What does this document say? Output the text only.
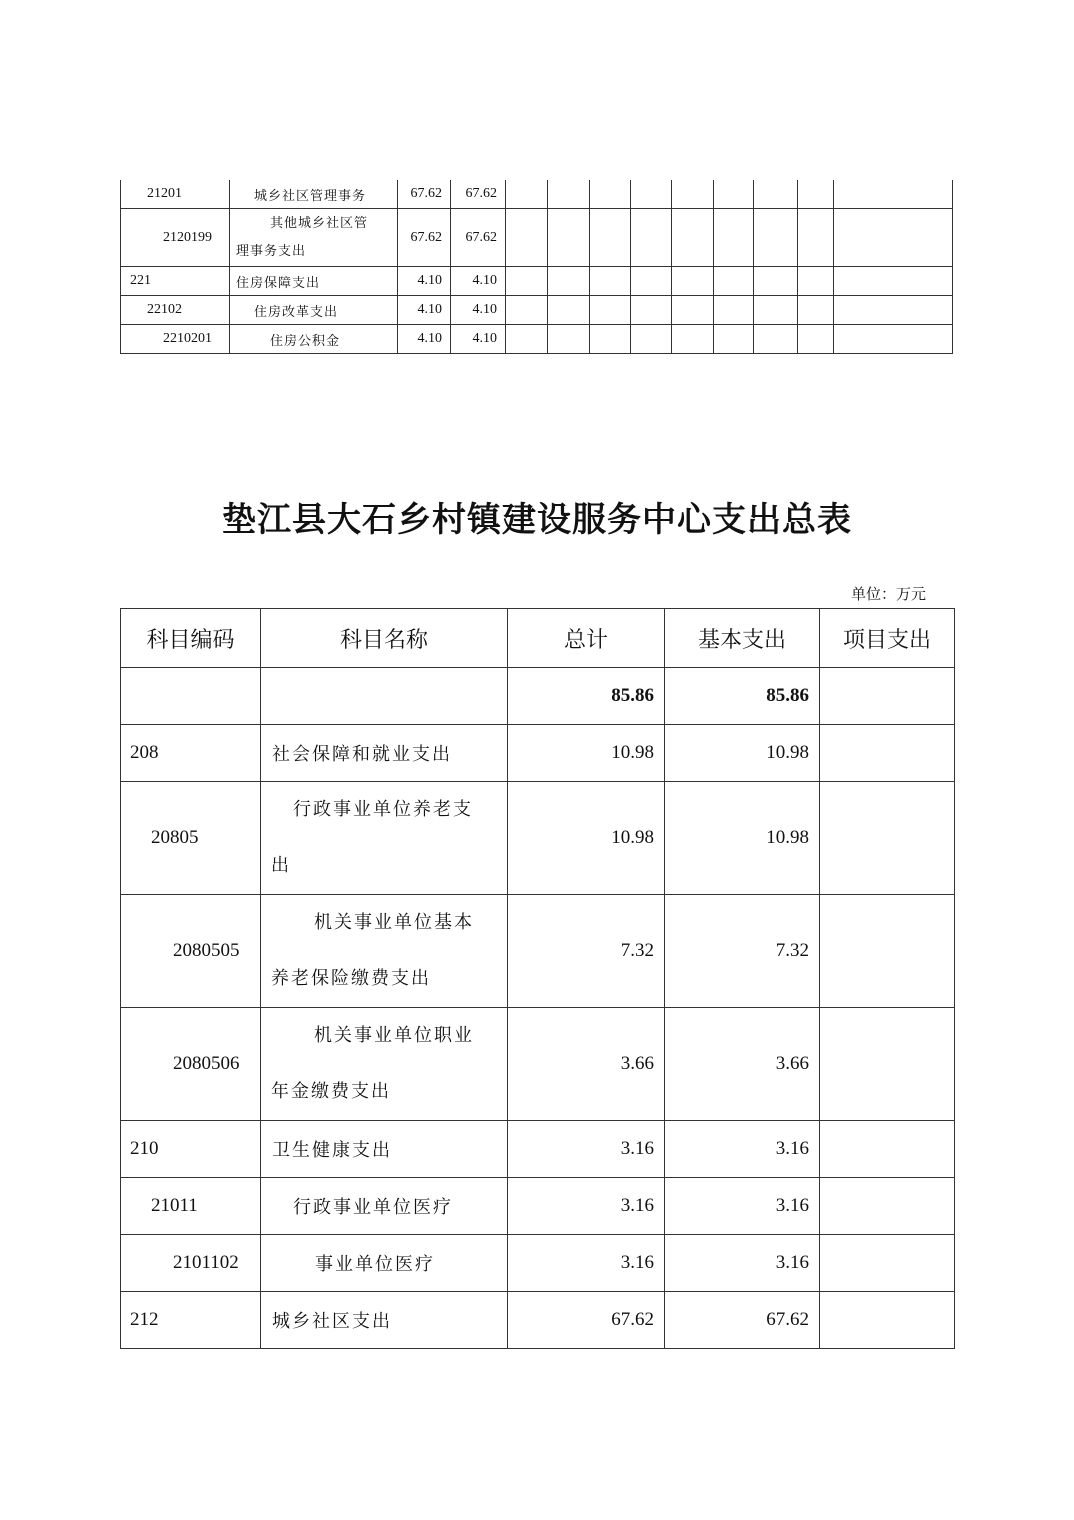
21201	城乡社区管理事务	67.62	67.62									
2120199	其他城乡社区管
理事务支出	67.62	67.62									
221	住房保障支出	4.10	4.10									
22102	住房改革支出	4.10	4.10									
2210201	住房公积金	4.10	4.10									
垫江县大石乡村镇建设服务中心支出总表
单位：万元
科目编码	科目名称	总计	基本支出	项目支出
		85.86	85.86	
208	社会保障和就业支出	10.98	10.98	
20805	行政事业单位养老支
出	10.98	10.98	
2080505	机关事业单位基本
养老保险缴费支出	7.32	7.32	
2080506	机关事业单位职业
年金缴费支出	3.66	3.66	
210	卫生健康支出	3.16	3.16	
21011	行政事业单位医疗	3.16	3.16	
2101102	事业单位医疗	3.16	3.16	
212	城乡社区支出	67.62	67.62	
